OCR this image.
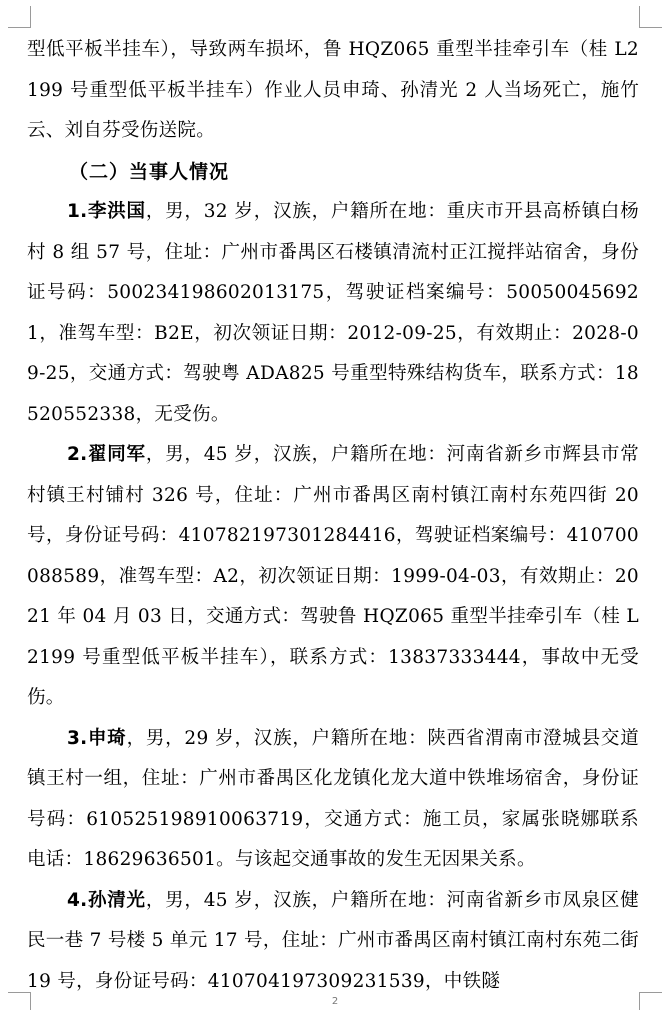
型低平板半挂车），导致两车损坏，鲁 HQZ065 重型半挂牵引车（桂 L2199 号重型低平板半挂车）作业人员申琦、孙清光 2 人当场死亡，施竹云、刘自芬受伤送院。

（二）当事人情况

1.李洪国，男，32 岁，汉族，户籍所在地：重庆市开县高桥镇白杨村 8 组 57 号，住址：广州市番禺区石楼镇清流村正江搅拌站宿舍，身份证号码：500234198602013175，驾驶证档案编号：500500456921，准驾车型：B2E，初次领证日期：2012-09-25，有效期止：2028-09-25，交通方式：驾驶粤 ADA825 号重型特殊结构货车，联系方式：18520552338，无受伤。

2.翟同军，男，45 岁，汉族，户籍所在地：河南省新乡市辉县市常村镇王村铺村 326 号，住址：广州市番禺区南村镇江南村东苑四街 20 号，身份证号码：410782197301284416，驾驶证档案编号：410700088589，准驾车型：A2，初次领证日期：1999-04-03，有效期止：2021 年 04 月 03 日，交通方式：驾驶鲁 HQZ065 重型半挂牵引车（桂 L2199 号重型低平板半挂车），联系方式：13837333444，事故中无受伤。

3.申琦，男，29 岁，汉族，户籍所在地：陕西省渭南市澄城县交道镇王村一组，住址：广州市番禺区化龙镇化龙大道中铁堆场宿舍，身份证号码：610525198910063719，交通方式：施工员，家属张晓娜联系电话：18629636501。与该起交通事故的发生无因果关系。

4.孙清光，男，45 岁，汉族，户籍所在地：河南省新乡市凤泉区健民一巷 7 号楼 5 单元 17 号，住址：广州市番禺区南村镇江南村东苑二街 19 号，身份证号码：410704197309231539，中铁隧

2
